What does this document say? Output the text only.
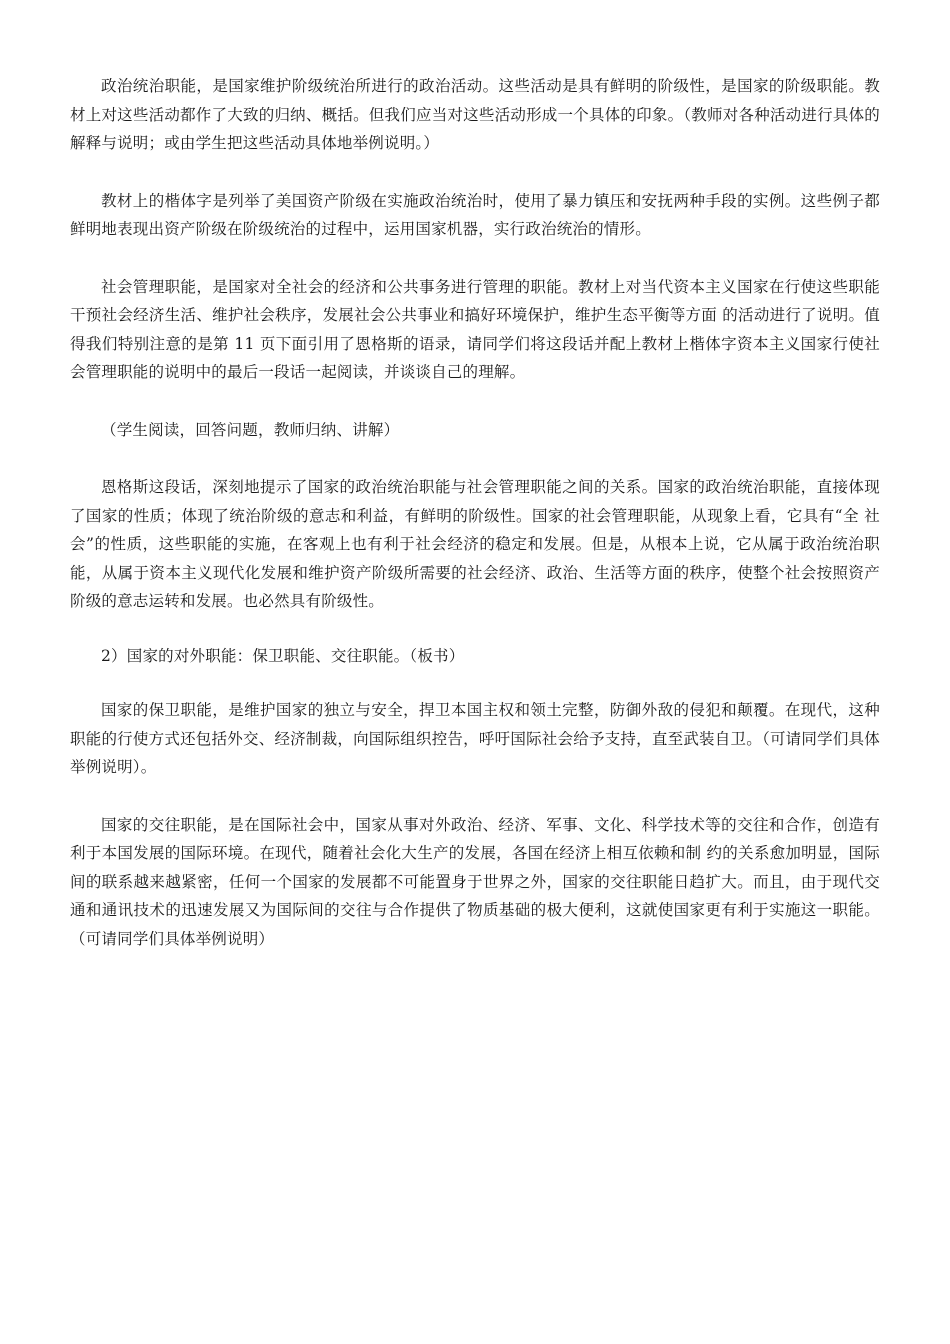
政治统治职能，是国家维护阶级统治所进行的政治活动。这些活动是具有鲜明的阶级性，是国家的阶级职能。教材上对这些活动都作了大致的归纳、概括。但我们应当对这些活动形成一个具体的印象。（教师对各种活动进行具体的解释与说明；或由学生把这些活动具体地举例说明。）

教材上的楷体字是列举了美国资产阶级在实施政治统治时，使用了暴力镇压和安抚两种手段的实例。这些例子都鲜明地表现出资产阶级在阶级统治的过程中，运用国家机器，实行政治统治的情形。

社会管理职能，是国家对全社会的经济和公共事务进行管理的职能。教材上对当代资本主义国家在行使这些职能干预社会经济生活、维护社会秩序，发展社会公共事业和搞好环境保护，维护生态平衡等方面 的活动进行了说明。值得我们特别注意的是第 11 页下面引用了恩格斯的语录，请同学们将这段话并配上教材上楷体字资本主义国家行使社会管理职能的说明中的最后一段话一起阅读，并谈谈自己的理解。

（学生阅读，回答问题，教师归纳、讲解）

恩格斯这段话，深刻地提示了国家的政治统治职能与社会管理职能之间的关系。国家的政治统治职能，直接体现了国家的性质；体现了统治阶级的意志和利益，有鲜明的阶级性。国家的社会管理职能，从现象上看，它具有“全 社会”的性质，这些职能的实施，在客观上也有利于社会经济的稳定和发展。但是，从根本上说，它从属于政治统治职能，从属于资本主义现代化发展和维护资产阶级所需要的社会经济、政治、生活等方面的秩序，使整个社会按照资产阶级的意志运转和发展。也必然具有阶级性。

2）国家的对外职能：保卫职能、交往职能。（板书）

国家的保卫职能，是维护国家的独立与安全，捍卫本国主权和领土完整，防御外敌的侵犯和颠覆。在现代，这种职能的行使方式还包括外交、经济制裁，向国际组织控告，呼吁国际社会给予支持，直至武装自卫。（可请同学们具体举例说明）。

国家的交往职能，是在国际社会中，国家从事对外政治、经济、军事、文化、科学技术等的交往和合作，创造有利于本国发展的国际环境。在现代，随着社会化大生产的发展，各国在经济上相互依赖和制 约的关系愈加明显，国际间的联系越来越紧密，任何一个国家的发展都不可能置身于世界之外，国家的交往职能日趋扩大。而且，由于现代交通和通讯技术的迅速发展又为国际间的交往与合作提供了物质基础的极大便利，这就使国家更有利于实施这一职能。（可请同学们具体举例说明）
